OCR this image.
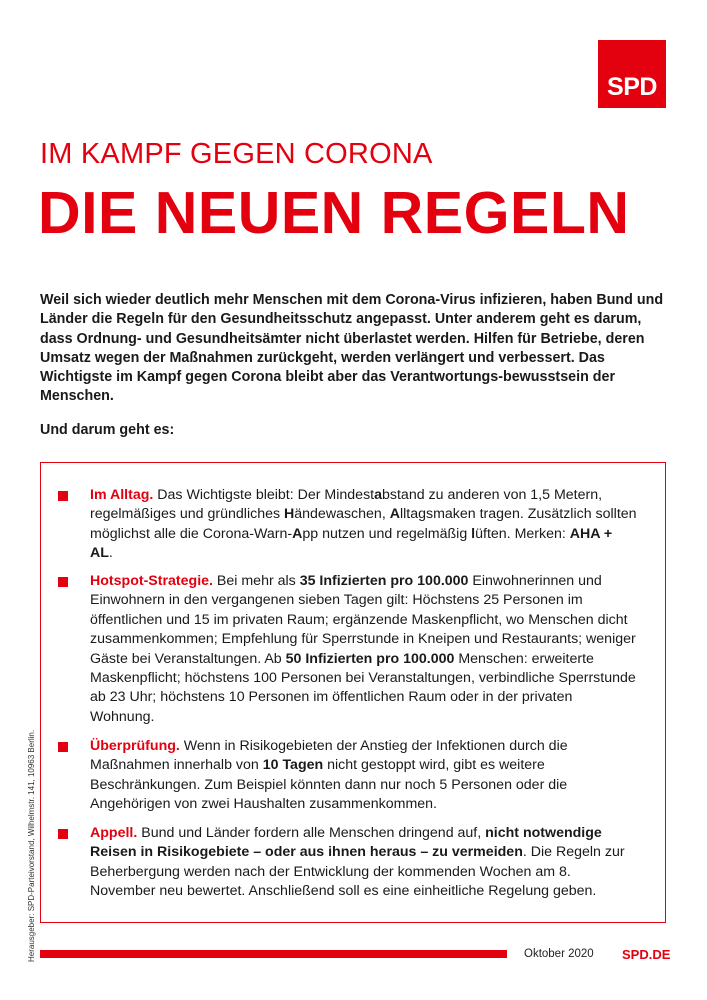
SPD
IM KAMPF GEGEN CORONA
DIE NEUEN REGELN

Weil sich wieder deutlich mehr Menschen mit dem Corona-Virus infizieren, haben Bund und Länder die Regeln für den Gesundheitsschutz angepasst. Unter anderem geht es darum, dass Ordnung- und Gesundheitsämter nicht überlastet werden. Hilfen für Betriebe, deren Umsatz wegen der Maßnahmen zurückgeht, werden verlängert und verbessert. Das Wichtigste im Kampf gegen Corona bleibt aber das Verantwortungs-bewusstsein der Menschen.

Und darum geht es:

Im Alltag. Das Wichtigste bleibt: Der Mindestabstand zu anderen von 1,5 Metern, regelmäßiges und gründliches Händewaschen, Alltagsmaken tragen. Zusätzlich sollten möglichst alle die Corona-Warn-App nutzen und regelmäßig lüften. Merken: AHA + AL.
Hotspot-Strategie. Bei mehr als 35 Infizierten pro 100.000 Einwohnerinnen und Einwohnern in den vergangenen sieben Tagen gilt: Höchstens 25 Personen im öffentlichen und 15 im privaten Raum; ergänzende Maskenpflicht, wo Menschen dicht zusammenkommen; Empfehlung für Sperrstunde in Kneipen und Restaurants; weniger Gäste bei Veranstaltungen. Ab 50 Infizierten pro 100.000 Menschen: erweiterte Maskenpflicht; höchstens 100 Personen bei Veranstaltungen, verbindliche Sperrstunde ab 23 Uhr; höchstens 10 Personen im öffentlichen Raum oder in der privaten Wohnung.
Überprüfung. Wenn in Risikogebieten der Anstieg der Infektionen durch die Maßnahmen innerhalb von 10 Tagen nicht gestoppt wird, gibt es weitere Beschränkungen. Zum Beispiel könnten dann nur noch 5 Personen oder die Angehörigen von zwei Haushalten zusammenkommen.
Appell. Bund und Länder fordern alle Menschen dringend auf, nicht notwendige Reisen in Risikogebiete – oder aus ihnen heraus – zu vermeiden. Die Regeln zur Beherbergung werden nach der Entwicklung der kommenden Wochen am 8. November neu bewertet. Anschließend soll es eine einheitliche Regelung geben.
Herausgeber: SPD-Parteivorstand, Wilhelmstr. 141, 10963 Berlin.	Oktober 2020 SPD.DE
